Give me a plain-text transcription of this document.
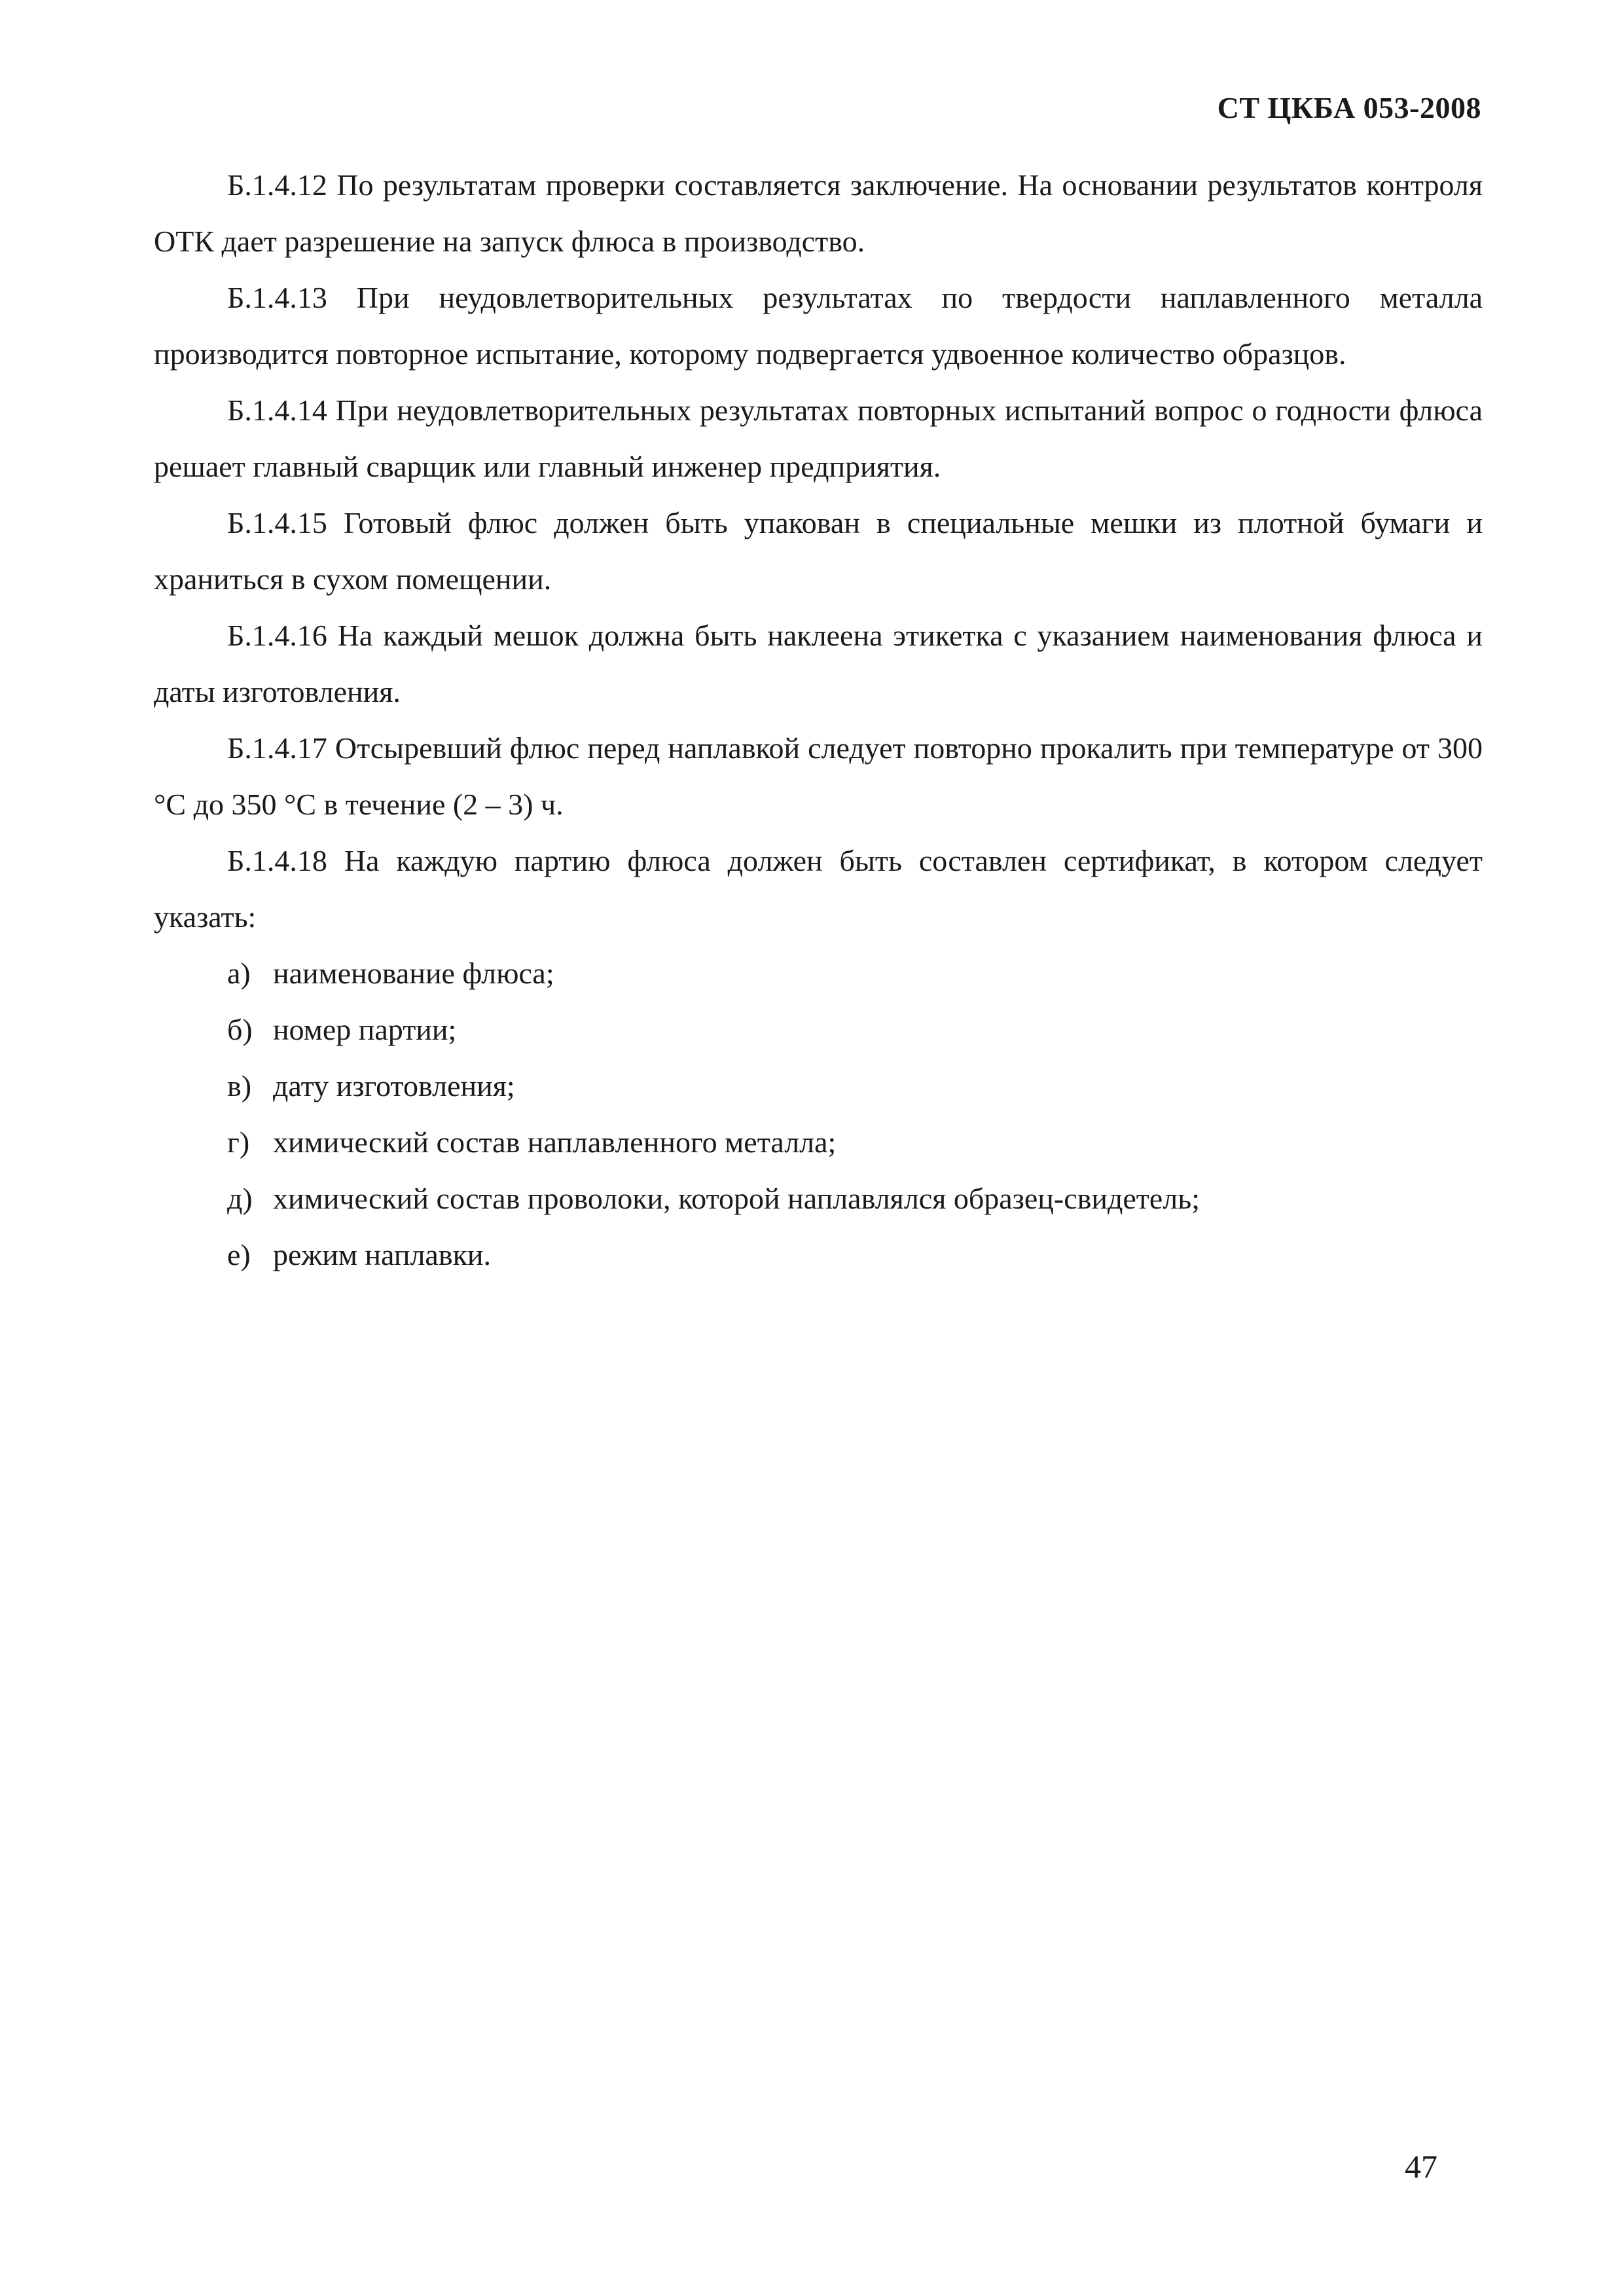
СТ ЦКБА 053-2008

Б.1.4.12 По результатам проверки составляется заключение. На основании результатов контроля ОТК дает разрешение на запуск флюса в производство.

Б.1.4.13 При неудовлетворительных результатах по твердости наплавленного металла производится повторное испытание, которому подвергается удвоенное количество образцов.

Б.1.4.14 При неудовлетворительных результатах повторных испытаний вопрос о годности флюса решает главный сварщик или главный инженер предприятия.

Б.1.4.15 Готовый флюс должен быть упакован в специальные мешки из плотной бумаги и храниться в сухом помещении.

Б.1.4.16 На каждый мешок должна быть наклеена этикетка с указанием наименования флюса и даты изготовления.

Б.1.4.17 Отсыревший флюс перед наплавкой следует повторно прокалить при температуре от 300 °С до 350 °С в течение (2 – 3) ч.

Б.1.4.18 На каждую партию флюса должен быть составлен сертификат, в котором следует указать:

а) наименование флюса;
б) номер партии;
в) дату изготовления;
г) химический состав наплавленного металла;
д) химический состав проволоки, которой наплавлялся образец-свидетель;
е) режим наплавки.
47
